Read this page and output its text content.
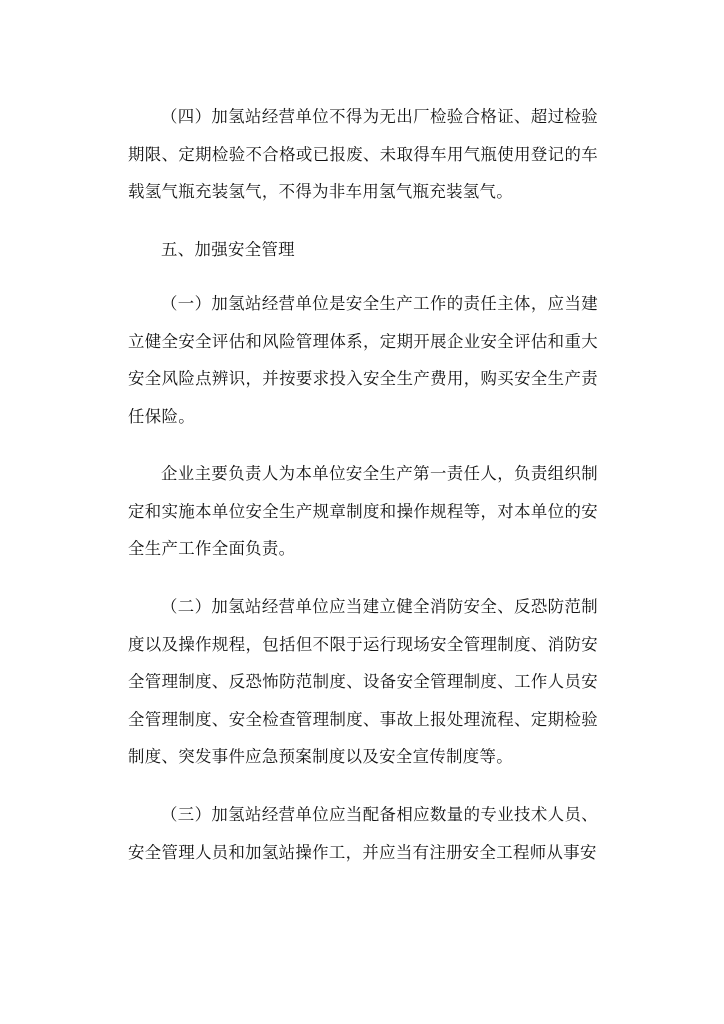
（四）加氢站经营单位不得为无出厂检验合格证、超过检验期限、定期检验不合格或已报废、未取得车用气瓶使用登记的车载氢气瓶充装氢气，不得为非车用氢气瓶充装氢气。

五、加强安全管理

（一）加氢站经营单位是安全生产工作的责任主体，应当建立健全安全评估和风险管理体系，定期开展企业安全评估和重大安全风险点辨识，并按要求投入安全生产费用，购买安全生产责任保险。

企业主要负责人为本单位安全生产第一责任人，负责组织制定和实施本单位安全生产规章制度和操作规程等，对本单位的安全生产工作全面负责。

（二）加氢站经营单位应当建立健全消防安全、反恐防范制度以及操作规程，包括但不限于运行现场安全管理制度、消防安全管理制度、反恐怖防范制度、设备安全管理制度、工作人员安全管理制度、安全检查管理制度、事故上报处理流程、定期检验制度、突发事件应急预案制度以及安全宣传制度等。

（三）加氢站经营单位应当配备相应数量的专业技术人员、安全管理人员和加氢站操作工，并应当有注册安全工程师从事安
